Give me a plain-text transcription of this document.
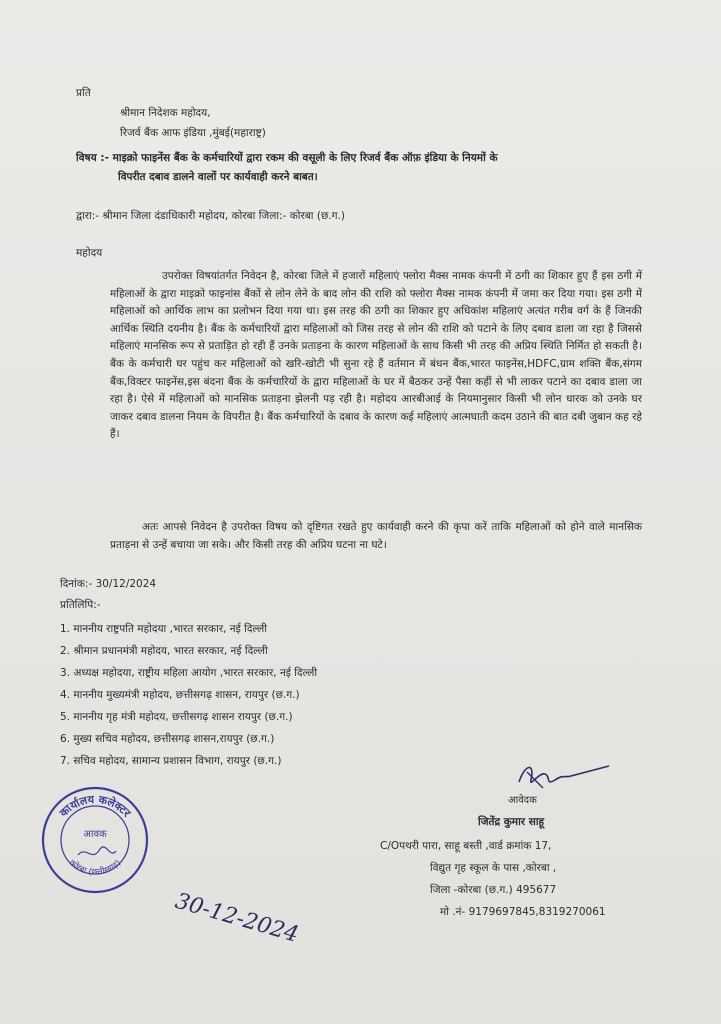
प्रति
श्रीमान निदेशक महोदय,
रिजर्व बैंक आफ इंडिया ,मुंबई(महाराष्ट्र)
विषय :- माइक्रो फाइनेंस बैंक के कर्मचारियों द्वारा रकम की वसूली के लिए रिजर्व बैंक ऑफ़ इंडिया के नियमों के
विपरीत दबाव डालने वालों पर कार्यवाही करने बाबत।
द्वारा:- श्रीमान जिला दंडाधिकारी महोदय, कोरबा जिला:- कोरबा (छ.ग.)
महोदय
उपरोक्त विषयांतर्गत निवेदन है, कोरबा जिले में हजारों महिलाएं फ्लोरा मैक्स नामक कंपनी में ठगी का शिकार हुए हैं इस ठगी में महिलाओं के द्वारा माइक्रो फाइनांस बैंकों से लोन लेने के बाद लोन की राशि को फ्लोरा मैक्स नामक कंपनी में जमा कर दिया गया। इस ठगी में महिलाओं को आर्थिक लाभ का प्रलोभन दिया गया था। इस तरह की ठगी का शिकार हुए अधिकांश महिलाएं अत्यंत गरीब वर्ग के हैं जिनकी आर्थिक स्थिति दयनीय है। बैंक के कर्मचारियों द्वारा महिलाओं को जिस तरह से लोन की राशि को पटाने के लिए दबाव डाला जा रहा है जिससे महिलाएं मानसिक रूप से प्रताड़ित हो रही हैं उनके प्रताड़ना के कारण महिलाओं के साथ किसी भी तरह की अप्रिय स्थिति निर्मित हो सकती है। बैंक के कर्मचारी घर पहुंच कर महिलाओं को खरि-खोटी भी सुना रहे हैं वर्तमान में बंधन बैंक,भारत फाइनेंस,HDFC,ग्राम शक्ति बैंक,संगम बैंक,विक्टर फाइनेंस,इस बंदना बैंक के कर्मचारियों के द्वारा महिलाओं के घर में बैठकर उन्हें पैसा कहीं से भी लाकर पटाने का दबाव डाला जा रहा है। ऐसे में महिलाओं को मानसिक प्रताड़ना झेलनी पड़ रही है। महोदय आरबीआई के नियमानुसार किसी भी लोन धारक को उनके घर जाकर दबाव डालना नियम के विपरीत है। बैंक कर्मचारियों के दबाव के कारण कई महिलाएं आत्मघाती कदम उठाने की बात दबी जुबान कह रहे हैं।
अतः आपसे निवेदन है उपरोक्त विषय को दृष्टिगत रखते हुए कार्यवाही करने की कृपा करें ताकि महिलाओं को होने वाले मानसिक प्रताड़ना से उन्हें बचाया जा सके। और किसी तरह की अप्रिय घटना ना घटे।
दिनांक:- 30/12/2024
प्रतिलिपि:-
1. माननीय राष्ट्रपति महोदया ,भारत सरकार, नई दिल्ली
2. श्रीमान प्रधानमंत्री महोदय, भारत सरकार, नई दिल्ली
3. अध्यक्ष महोदया, राष्ट्रीय महिला आयोग ,भारत सरकार, नई दिल्ली
4. माननीय मुख्यमंत्री महोदय, छत्तीसगढ़ शासन, रायपुर (छ.ग.)
5. माननीय गृह मंत्री महोदय, छत्तीसगढ़ शासन रायपुर (छ.ग.)
6. मुख्य सचिव महोदय, छत्तीसगढ़ शासन,रायपुर (छ.ग.)
7. सचिव महोदय, सामान्य प्रशासन विभाग, रायपुर (छ.ग.)
आवेदक
जितेंद्र कुमार साहू
C/Oपथरी पारा, साहू बस्ती ,वार्ड क्रमांक 17,
विद्युत गृह स्कूल के पास ,कोरबा ,
जिला -कोरबा (छ.ग.) 495677
मो .नं- 9179697845,8319270061
कार्यालय कलेक्टर
आवक
कोरबा (छत्तीसगढ़)
30-12-2024
